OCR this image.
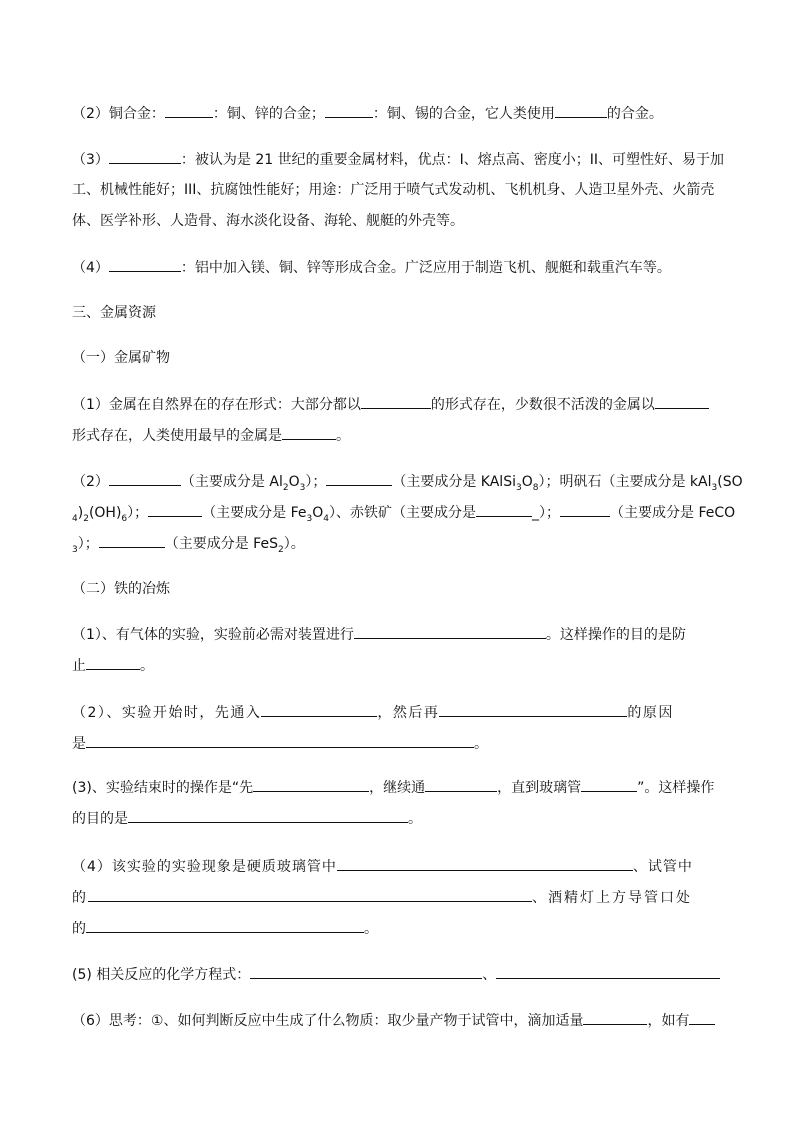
（2）铜合金：	：铜、锌的合金；	：铜、锡的合金，它人类使用	的合金。
（3）	：被认为是 21 世纪的重要金属材料，优点：I、熔点高、密度小；II、可塑性好、易于加
工、机械性能好；III、抗腐蚀性能好；用途：广泛用于喷气式发动机、飞机机身、人造卫星外壳、火箭壳
体、医学补形、人造骨、海水淡化设备、海轮、舰艇的外壳等。
（4）	：铝中加入镁、铜、锌等形成合金。广泛应用于制造飞机、舰艇和载重汽车等。
三、金属资源
（一）金属矿物
（1）金属在自然界在的存在形式：大部分都以	的形式存在，少数很不活泼的金属以
形式存在，人类使用最早的金属是	。
（2）	（主要成分是 $Al_2O_3$）；	（主要成分是 $KAlSi_3O_8$）；明矾石（主要成分是 kAl$_3$(SO
$_4)_2(OH)_6$）；	（主要成分是 $Fe_3O_4$）、赤铁矿（主要成分是	_）；	（主要成分是 FeCO
$_3$）；	（主要成分是 FeS$_2$）。
（二）铁的冶炼
（1）、有气体的实验，实验前必需对装置进行	。这样操作的目的是防
止	。
（2）、实验开始时，先通入	，然后再	的原因
是	。
(3)、实验结束时的操作是“先	，继续通	，直到玻璃管	”。这样操作
的目的是	。
（4）该实验的实验现象是硬质玻璃管中	、试管中
的	、酒精灯上方导管口处
的	。
(5) 相关反应的化学方程式：	、
（6）思考：①、如何判断反应中生成了什么物质：取少量产物于试管中，滴加适量	，如有
